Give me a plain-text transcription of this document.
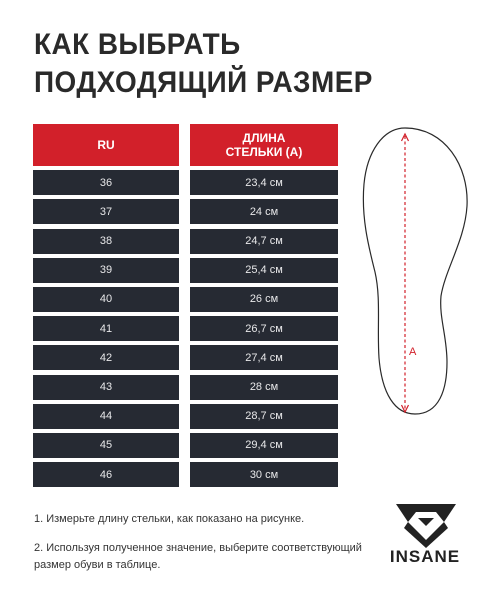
КАК ВЫБРАТЬ
ПОДХОДЯЩИЙ РАЗМЕР
RU	ДЛИНА
СТЕЛЬКИ (А)
36	23,4 см
37	24 см
38	24,7 см
39	25,4 см
40	26 см
41	26,7 см
42	27,4 см
43	28 см
44	28,7 см
45	29,4 см
46	30 см
A
1. Измерьте длину стельки, как показано на рисунке.
2. Используя полученное значение, выберите соответствующий размер обуви в таблице.	INSANE
